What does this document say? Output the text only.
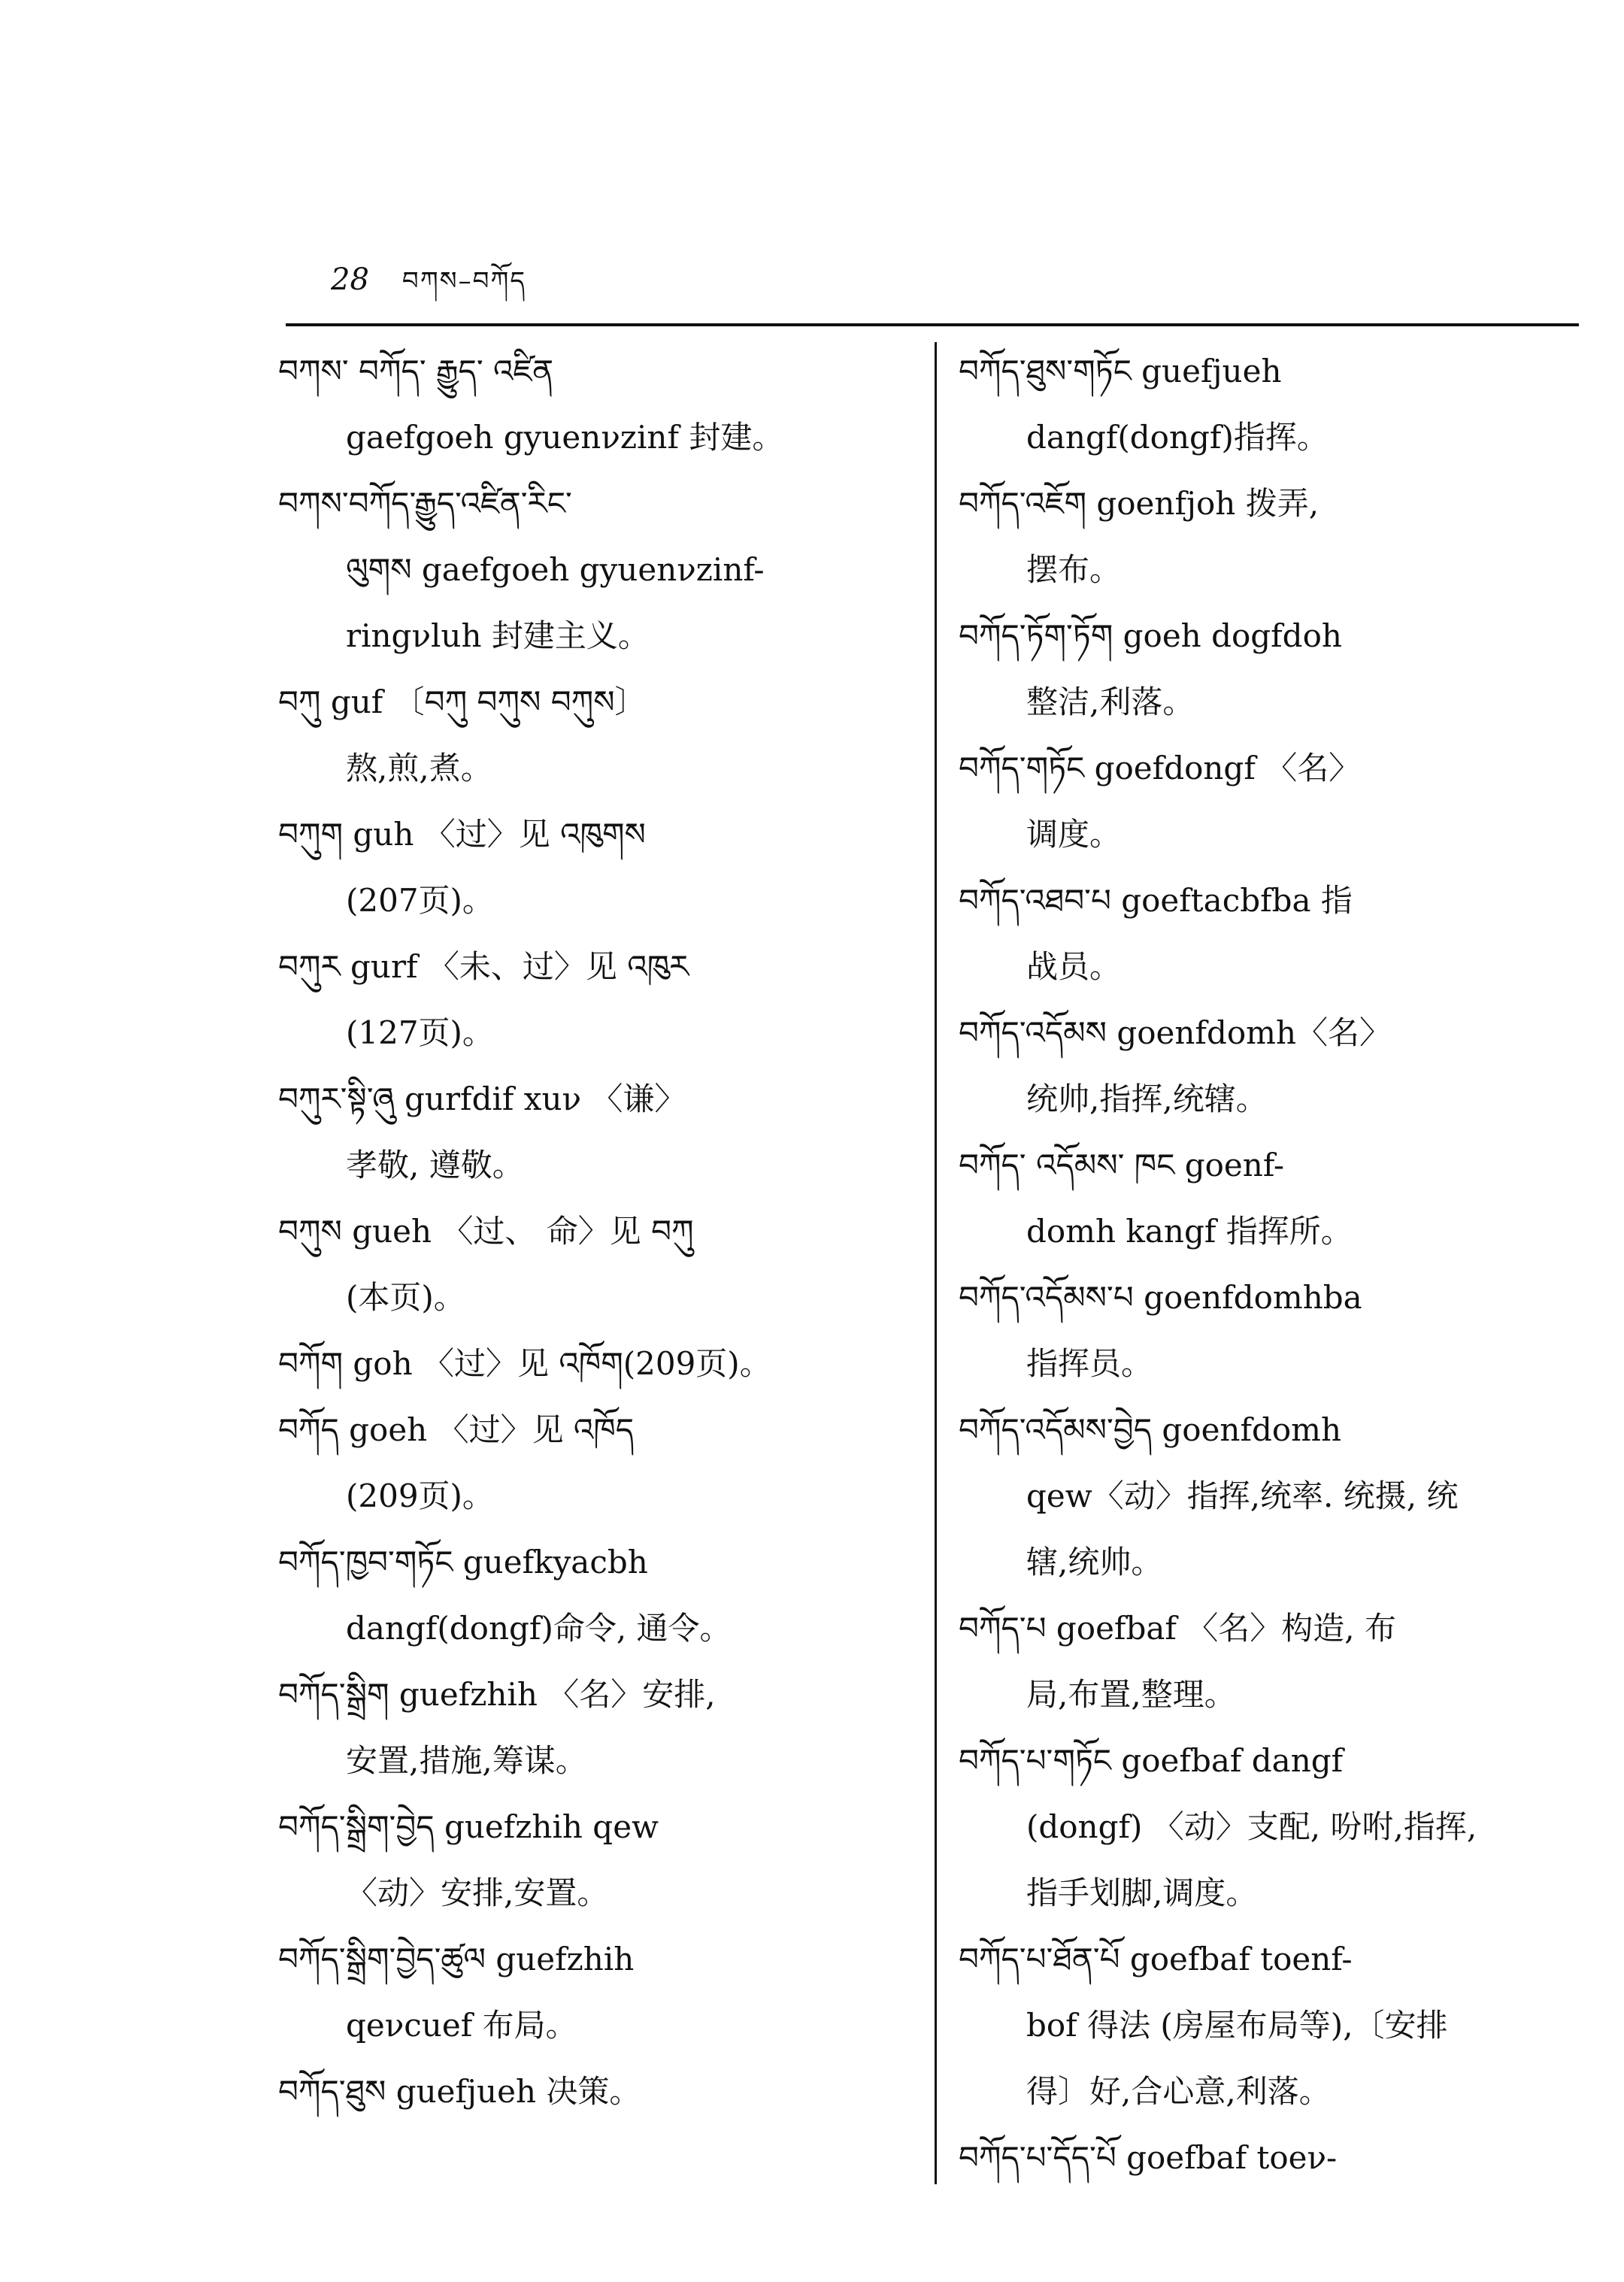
28 བཀས–བཀོད
བཀས་ བཀོད་ རྒྱུད་ འཛིན
gaefgoeh gyuenνzinf 封建。
བཀས་བཀོད་རྒྱུད་འཛིན་རིང་
ལུགས gaefgoeh gyuenνzinf-
ringνluh 封建主义。
བཀུ guf 〔བཀུ བཀུས བཀུས〕
熬,煎,煮。
བཀུག guh 〈过〉见 འཁུགས
(207页)。
བཀུར gurf 〈未、过〉见 འཁུར
(127页)。
བཀུར་སྟི་ཞུ gurfdif xuν 〈谦〉
孝敬, 遵敬。
བཀུས gueh 〈过、 命〉见 བཀུ
(本页)。
བཀོག goh 〈过〉见 འཁོག(209页)。
བཀོད goeh 〈过〉见 འཁོད
(209页)。
བཀོད་ཁྱབ་གཏོང guefkyacbh
dangf(dongf)命令, 通令。
བཀོད་སྒྲིག guefzhih 〈名〉安排,
安置,措施,筹谋。
བཀོད་སྒྲིག་བྱེད guefzhih qew
〈动〉安排,安置。
བཀོད་སྒྲིག་བྱེད་ཚུལ guefzhih
qeνcuef 布局。
བཀོད་ཐུས guefjueh 决策。
བཀོད་ཐུས་གཏོང guefjueh
dangf(dongf)指挥。
བཀོད་འཇོག goenfjoh 拨弄,
摆布。
བཀོད་ཏོག་ཏོག goeh dogfdoh
整洁,利落。
བཀོད་གཏོང goefdongf 〈名〉
调度。
བཀོད་འཐབ་པ goeftacbfba 指
战员。
བཀོད་འདོམས goenfdomh〈名〉
统帅,指挥,统辖。
བཀོད་ འདོམས་ ཁང goenf-
domh kangf 指挥所。
བཀོད་འདོམས་པ goenfdomhba
指挥员。
བཀོད་འདོམས་བྱེད goenfdomh
qew〈动〉指挥,统率. 统摄, 统
辖,统帅。
བཀོད་པ goefbaf 〈名〉构造, 布
局,布置,整理。
བཀོད་པ་གཏོང goefbaf dangf
(dongf) 〈动〉支配, 吩咐,指挥,
指手划脚,调度。
བཀོད་པ་ཐོན་པོ goefbaf toenf-
bof 得法 (房屋布局等),〔安排
得〕好,合心意,利落。
བཀོད་པ་དོད་པོ goefbaf toeν-
